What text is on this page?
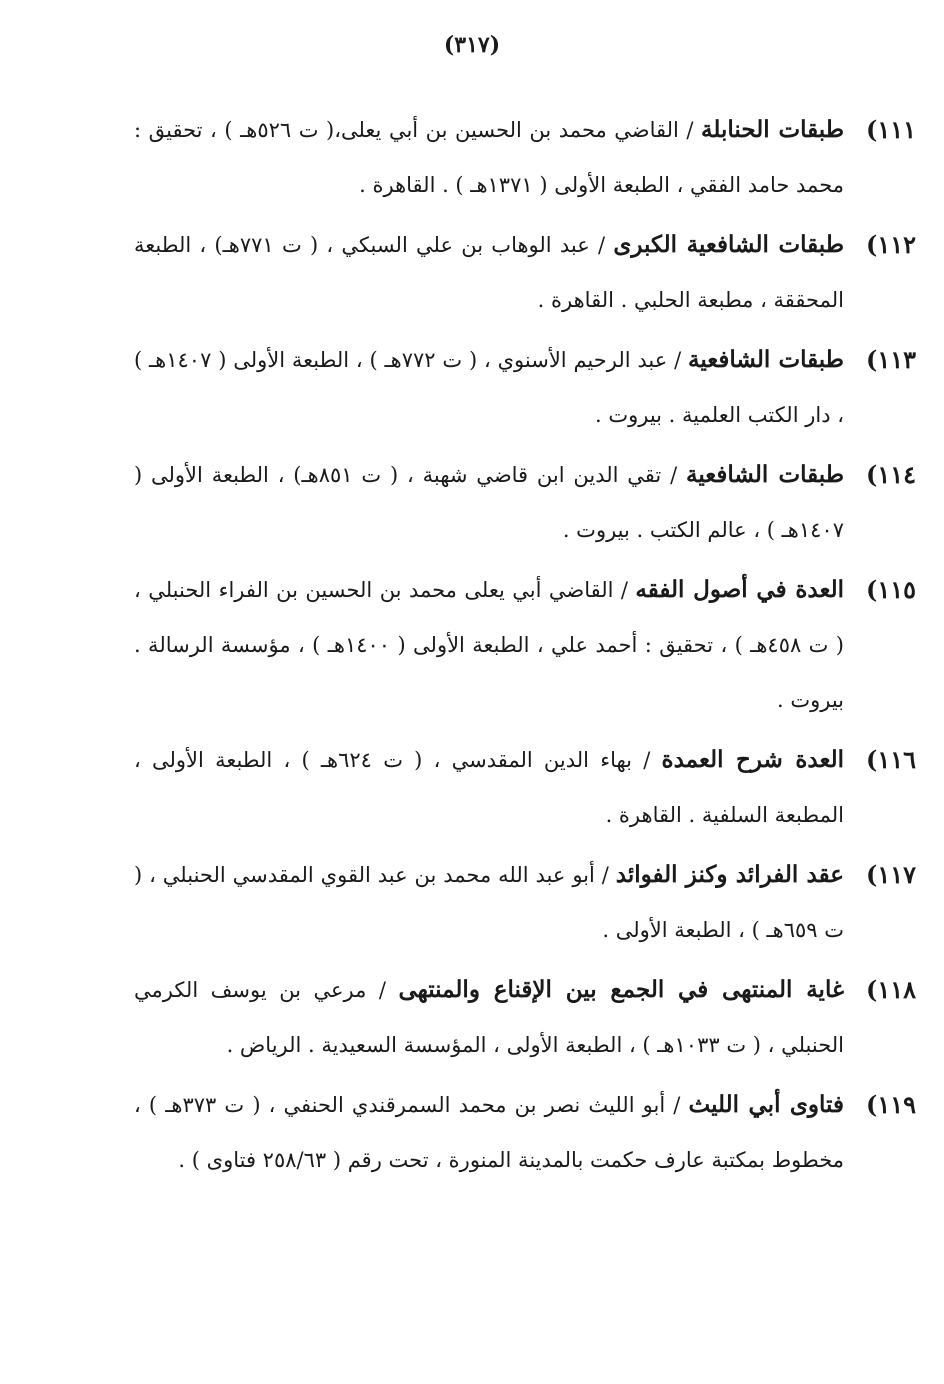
(٣١٧)
١١١)
طبقات الحنابلة / القاضي محمد بن الحسين بن أبي يعلى،( ت ٥٢٦هـ ) ، تحقيق : محمد حامد الفقي ، الطبعة الأولى ( ١٣٧١هـ ) . القاهرة .
١١٢)
طبقات الشافعية الكبرى / عبد الوهاب بن علي السبكي ، ( ت ٧٧١هـ) ، الطبعة المحققة ، مطبعة الحلبي . القاهرة .
١١٣)
طبقات الشافعية / عبد الرحيم الأسنوي ، ( ت ٧٧٢هـ ) ، الطبعة الأولى ( ١٤٠٧هـ ) ، دار الكتب العلمية . بيروت .
١١٤)
طبقات الشافعية / تقي الدين ابن قاضي شهبة ، ( ت ٨٥١هـ) ، الطبعة الأولى ( ١٤٠٧هـ ) ، عالم الكتب . بيروت .
١١٥)
العدة في أصول الفقه / القاضي أبي يعلى محمد بن الحسين بن الفراء الحنبلي ، ( ت ٤٥٨هـ ) ، تحقيق : أحمد علي ، الطبعة الأولى ( ١٤٠٠هـ ) ، مؤسسة الرسالة . بيروت .
١١٦)
العدة شرح العمدة / بهاء الدين المقدسي ، ( ت ٦٢٤هـ ) ، الطبعة الأولى ، المطبعة السلفية . القاهرة .
١١٧)
عقد الفرائد وكنز الفوائد / أبو عبد الله محمد بن عبد القوي المقدسي الحنبلي ، ( ت ٦٥٩هـ ) ، الطبعة الأولى .
١١٨)
غاية المنتهى في الجمع بين الإقناع والمنتهى / مرعي بن يوسف الكرمي الحنبلي ، ( ت ١٠٣٣هـ ) ، الطبعة الأولى ، المؤسسة السعيدية . الرياض .
١١٩)
فتاوى أبي الليث / أبو الليث نصر بن محمد السمرقندي الحنفي ، ( ت ٣٧٣هـ ) ، مخطوط بمكتبة عارف حكمت بالمدينة المنورة ، تحت رقم ( ٢٥٨/٦٣ فتاوى ) .
